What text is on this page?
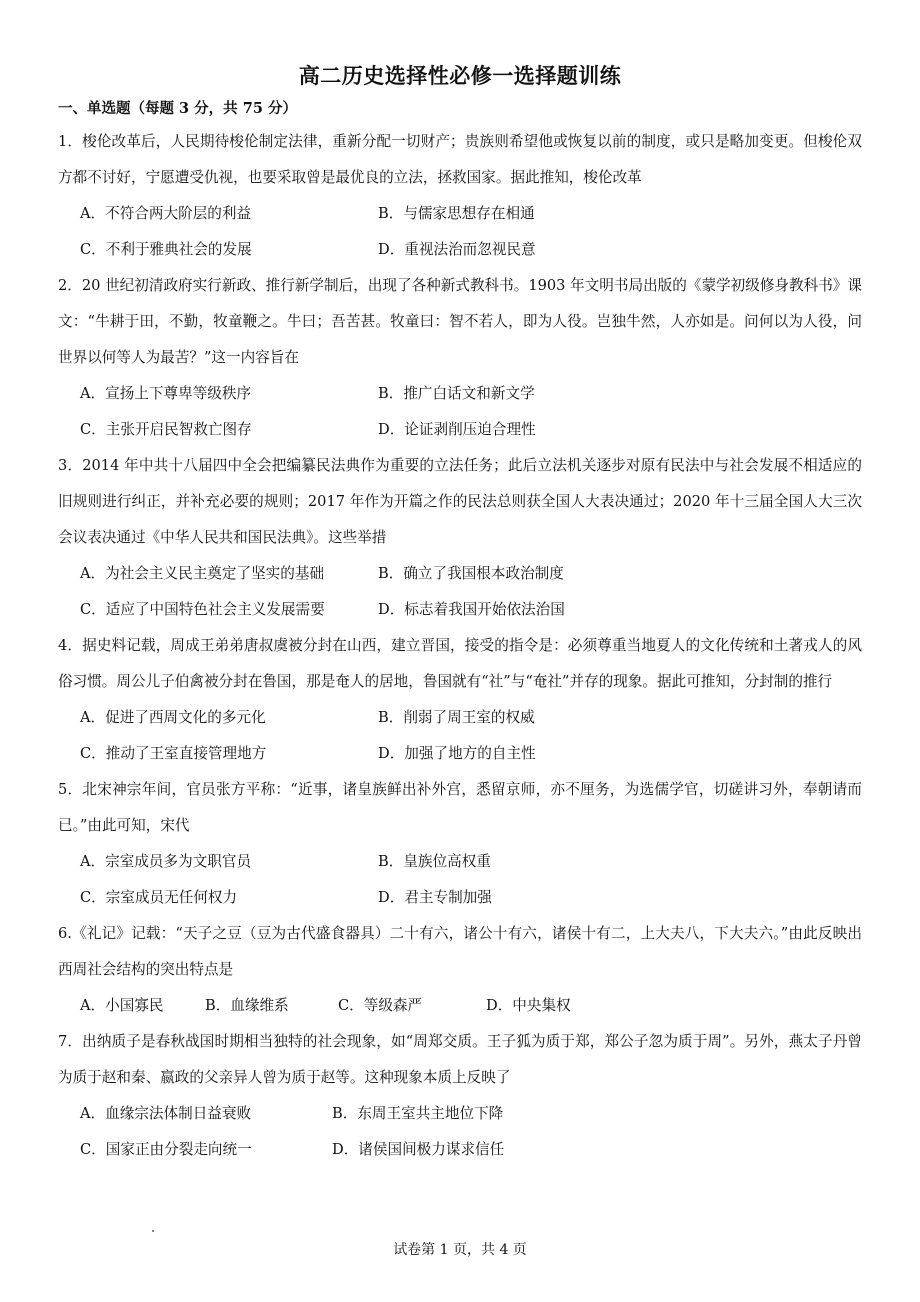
高二历史选择性必修一选择题训练
一、单选题（每题 3 分，共 75 分）

1．梭伦改革后，人民期待梭伦制定法律，重新分配一切财产；贵族则希望他或恢复以前的制度，或只是略加变更。但梭伦双方都不讨好，宁愿遭受仇视，也要采取曾是最优良的立法，拯救国家。据此推知，梭伦改革

A．不符合两大阶层的利益	B．与儒家思想存在相通
C．不利于雅典社会的发展	D．重视法治而忽视民意

2．20 世纪初清政府实行新政、推行新学制后，出现了各种新式教科书。1903 年文明书局出版的《蒙学初级修身教科书》课文：“牛耕于田，不勤，牧童鞭之。牛曰；吾苦甚。牧童曰：智不若人，即为人役。岂独牛然，人亦如是。问何以为人役，问世界以何等人为最苦？”这一内容旨在

A．宣扬上下尊卑等级秩序	B．推广白话文和新文学
C．主张开启民智救亡图存	D．论证剥削压迫合理性

3．2014 年中共十八届四中全会把编纂民法典作为重要的立法任务；此后立法机关逐步对原有民法中与社会发展不相适应的旧规则进行纠正，并补充必要的规则；2017 年作为开篇之作的民法总则获全国人大表决通过；2020 年十三届全国人大三次会议表决通过《中华人民共和国民法典》。这些举措

A．为社会主义民主奠定了坚实的基础	B．确立了我国根本政治制度
C．适应了中国特色社会主义发展需要	D．标志着我国开始依法治国

4．据史料记载，周成王弟弟唐叔虞被分封在山西，建立晋国，接受的指令是：必须尊重当地夏人的文化传统和土著戎人的风俗习惯。周公儿子伯禽被分封在鲁国，那是奄人的居地，鲁国就有“社”与“奄社”并存的现象。据此可推知，分封制的推行

A．促进了西周文化的多元化	B．削弱了周王室的权威
C．推动了王室直接管理地方	D．加强了地方的自主性

5．北宋神宗年间，官员张方平称：“近事，诸皇族鲜出补外宫，悉留京师，亦不厘务，为选儒学官，切磋讲习外，奉朝请而已。”由此可知，宋代

A．宗室成员多为文职官员	B．皇族位高权重
C．宗室成员无任何权力	D．君主专制加强

6.《礼记》记载：“天子之豆（豆为古代盛食器具）二十有六，诸公十有六，诸侯十有二，上大夫八，下大夫六。”由此反映出西周社会结构的突出特点是

A．小国寡民	B．血缘维系	C．等级森严	D．中央集权

7．出纳质子是春秋战国时期相当独特的社会现象，如“周郑交质。王子狐为质于郑，郑公子忽为质于周”。另外，燕太子丹曾为质于赵和秦、嬴政的父亲异人曾为质于赵等。这种现象本质上反映了

A．血缘宗法体制日益衰败	B．东周王室共主地位下降
C．国家正由分裂走向统一	D．诸侯国间极力谋求信任
试卷第 1 页，共 4 页
